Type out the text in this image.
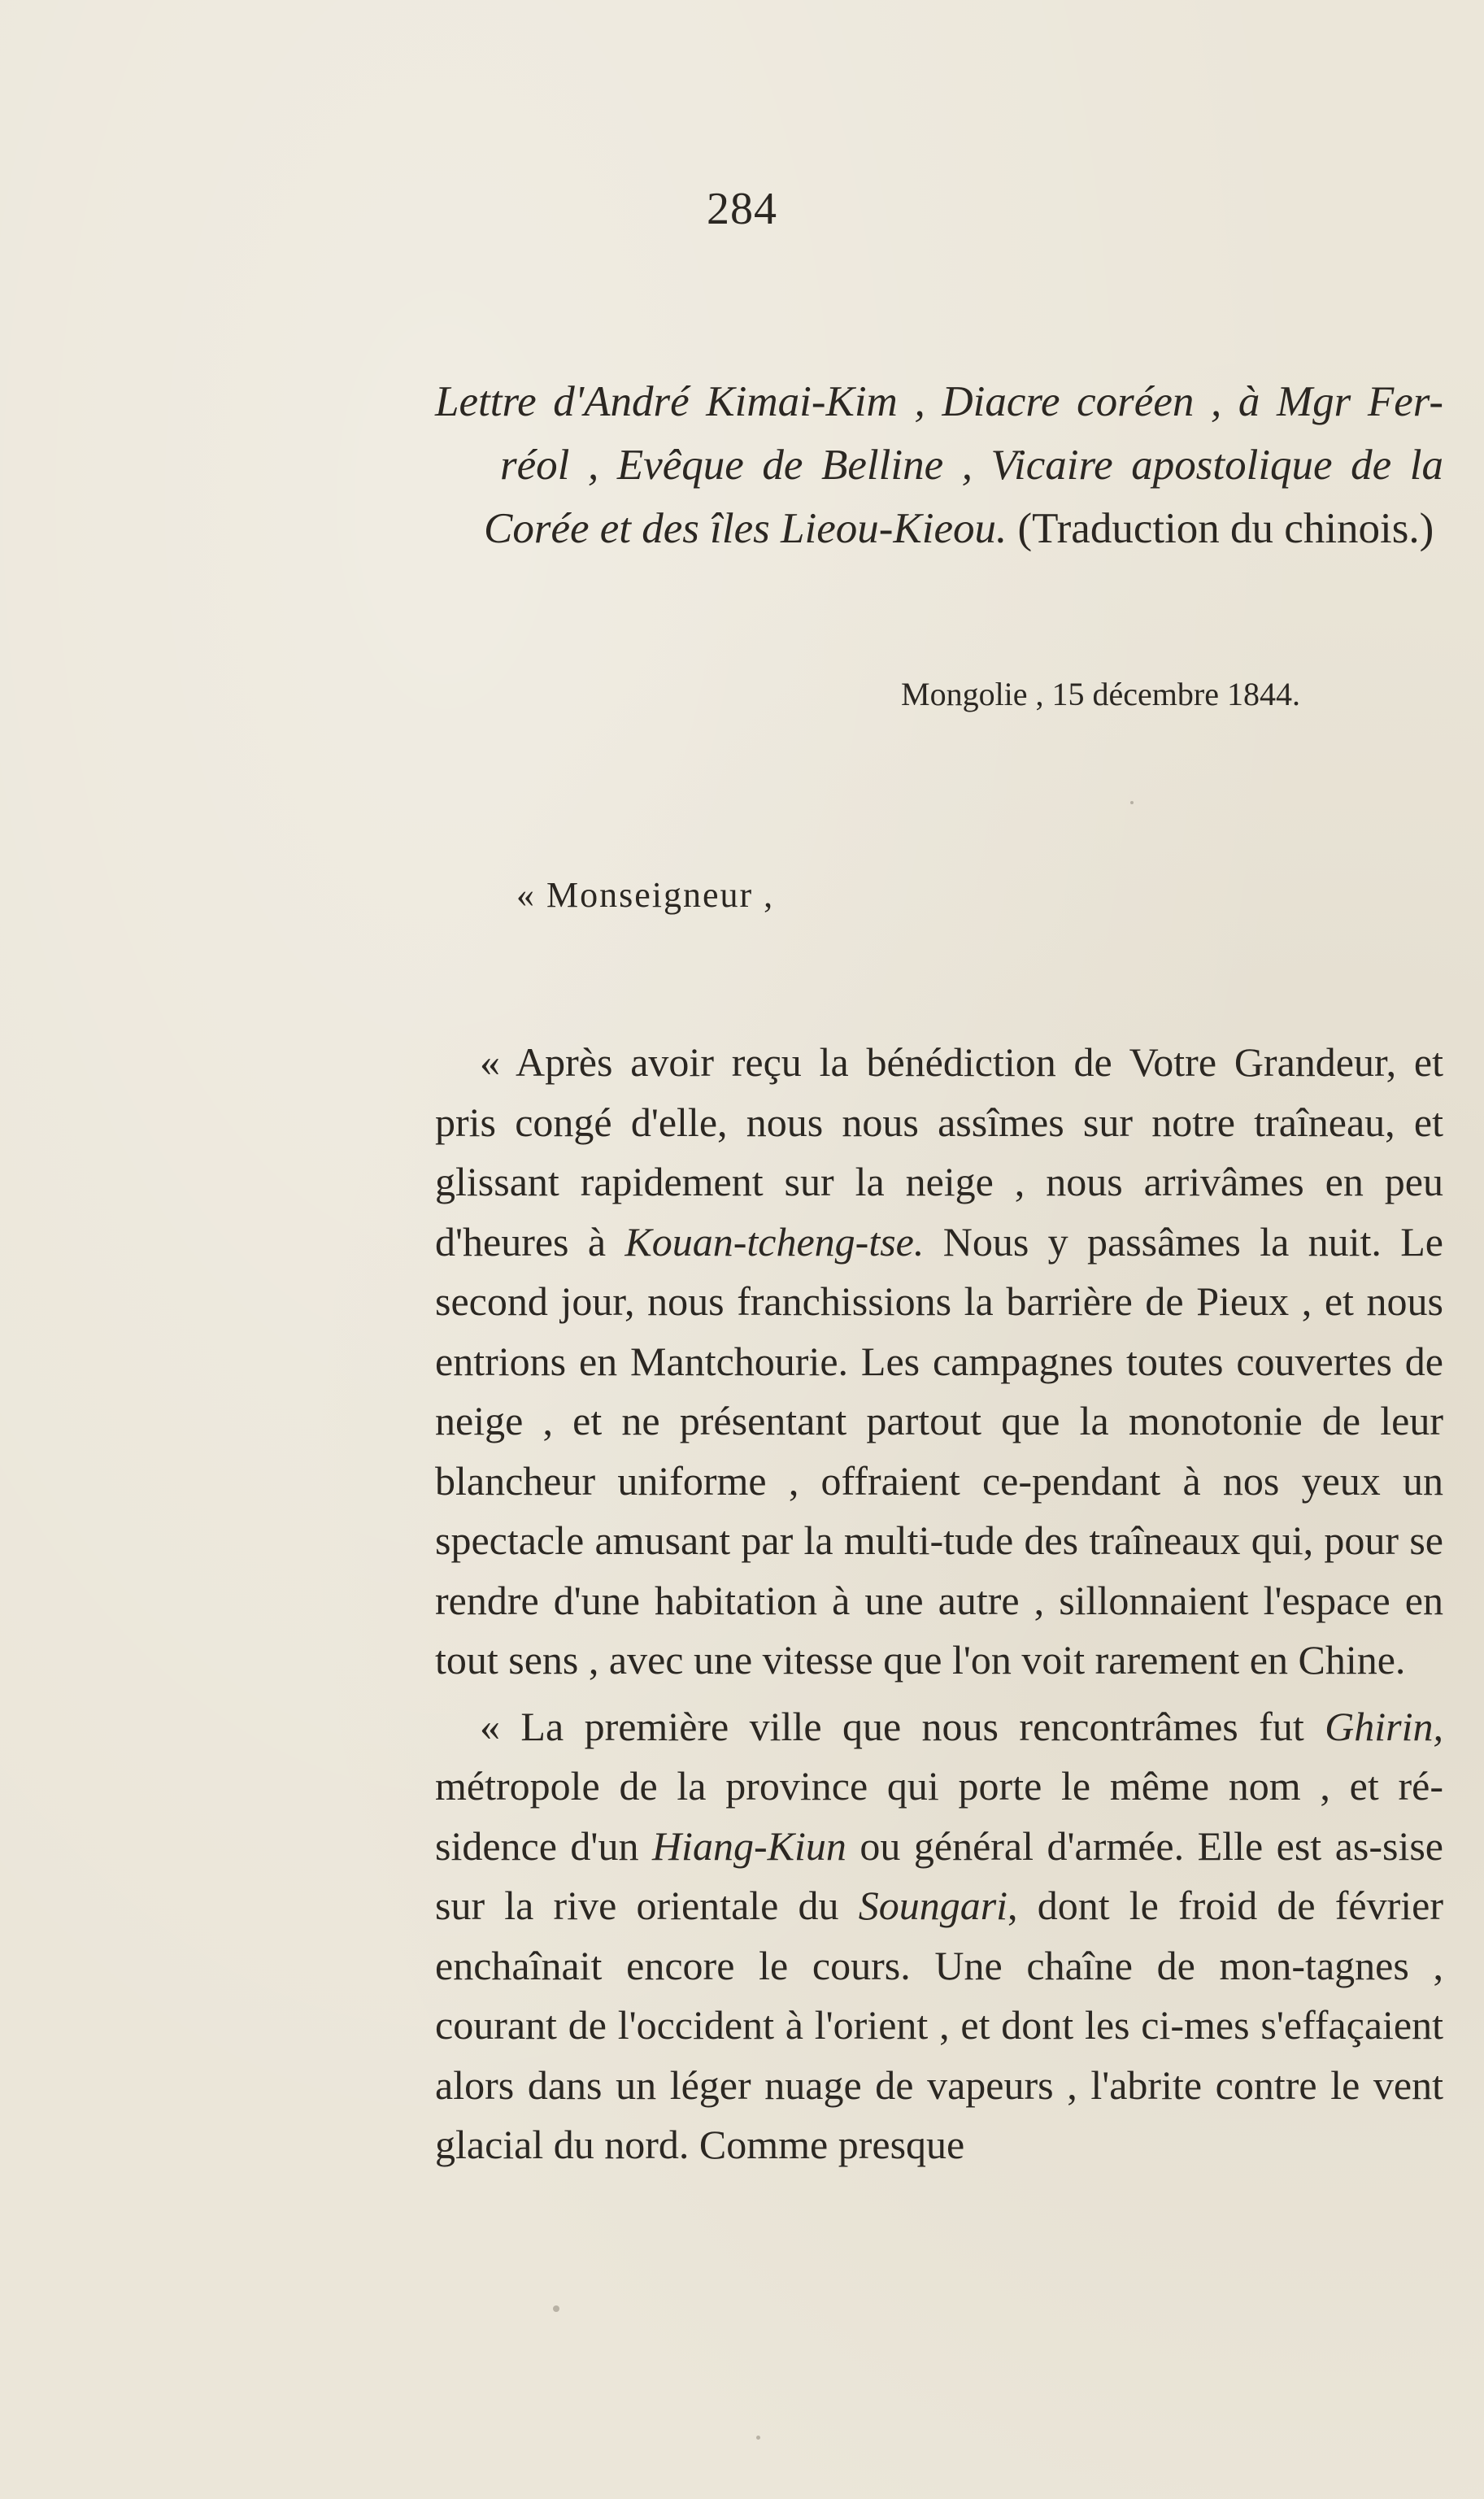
284
Lettre d'André Kimai-Kim , Diacre coréen , à Mgr Fer-
réol , Evêque de Belline , Vicaire apostolique de la
Corée et des îles Lieou-Kieou. (Traduction du chinois.)
Mongolie , 15 décembre 1844.
« Monseigneur ,

« Après avoir reçu la bénédiction de Votre Grandeur, et pris congé d'elle, nous nous assîmes sur notre traîneau, et glissant rapidement sur la neige , nous arrivâmes en peu d'heures à Kouan-tcheng-tse. Nous y passâmes la nuit. Le second jour, nous franchissions la barrière de Pieux , et nous entrions en Mantchourie. Les campagnes toutes couvertes de neige , et ne présentant partout que la monotonie de leur blancheur uniforme , offraient ce-pendant à nos yeux un spectacle amusant par la multi-tude des traîneaux qui, pour se rendre d'une habitation à une autre , sillonnaient l'espace en tout sens , avec une vitesse que l'on voit rarement en Chine.

« La première ville que nous rencontrâmes fut Ghirin, métropole de la province qui porte le même nom , et ré-sidence d'un Hiang-Kiun ou général d'armée. Elle est as-sise sur la rive orientale du Soungari, dont le froid de février enchaînait encore le cours. Une chaîne de mon-tagnes , courant de l'occident à l'orient , et dont les ci-mes s'effaçaient alors dans un léger nuage de vapeurs , l'abrite contre le vent glacial du nord. Comme presque
